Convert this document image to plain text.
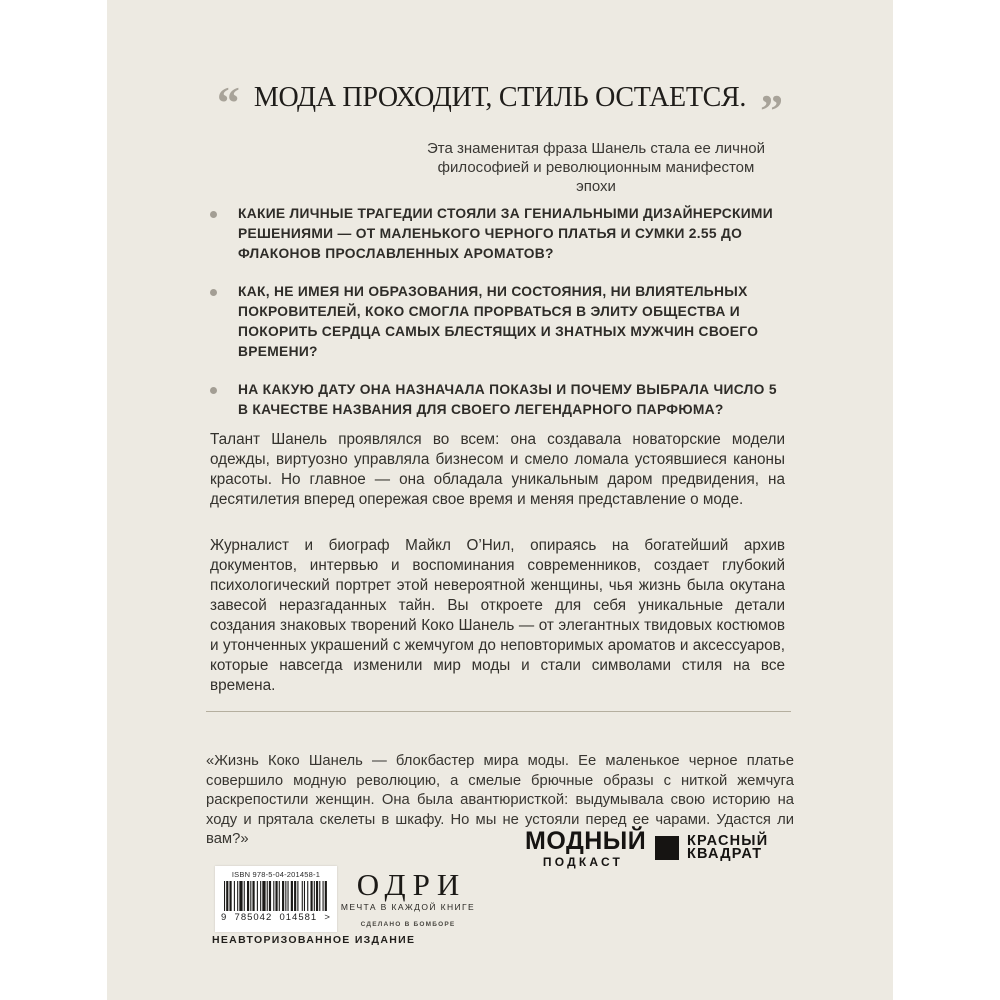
“ МОДА ПРОХОДИТ, СТИЛЬ ОСТАЕТСЯ. ”
Эта знаменитая фраза Шанель стала ее личной
философией и революционным манифестом эпохи
КАКИЕ ЛИЧНЫЕ ТРАГЕДИИ СТОЯЛИ ЗА ГЕНИАЛЬНЫМИ ДИЗАЙНЕРСКИМИ РЕШЕНИЯМИ — ОТ МАЛЕНЬКОГО ЧЕРНОГО ПЛАТЬЯ И СУМКИ 2.55 ДО ФЛАКОНОВ ПРОСЛАВЛЕННЫХ АРОМАТОВ?
КАК, НЕ ИМЕЯ НИ ОБРАЗОВАНИЯ, НИ СОСТОЯНИЯ, НИ ВЛИЯТЕЛЬНЫХ ПОКРОВИТЕЛЕЙ, КОКО СМОГЛА ПРОРВАТЬСЯ В ЭЛИТУ ОБЩЕСТВА И ПОКОРИТЬ СЕРДЦА САМЫХ БЛЕСТЯЩИХ И ЗНАТНЫХ МУЖЧИН СВОЕГО ВРЕМЕНИ?
НА КАКУЮ ДАТУ ОНА НАЗНАЧАЛА ПОКАЗЫ И ПОЧЕМУ ВЫБРАЛА ЧИСЛО 5 В КАЧЕСТВЕ НАЗВАНИЯ ДЛЯ СВОЕГО ЛЕГЕНДАРНОГО ПАРФЮМА?

Талант Шанель проявлялся во всем: она создавала новаторские модели одежды, виртуозно управляла бизнесом и смело ломала устоявшиеся каноны красоты. Но главное — она обладала уникальным даром предвидения, на десятилетия вперед опережая свое время и меняя представление о моде.

Журналист и биограф Майкл О’Нил, опираясь на богатейший архив документов, интервью и воспоминания современников, создает глубокий психологический портрет этой невероятной женщины, чья жизнь была окутана завесой неразгаданных тайн. Вы откроете для себя уникальные детали создания знаковых творений Коко Шанель — от элегантных твидовых костюмов и утонченных украшений с жемчугом до неповторимых ароматов и аксессуаров, которые навсегда изменили мир моды и стали символами стиля на все времена.

«Жизнь Коко Шанель — блокбастер мира моды. Ее маленькое черное платье совершило модную революцию, а смелые брючные образы с ниткой жемчуга раскрепостили женщин. Она была авантюристкой: выдумывала свою историю на ходу и прятала скелеты в шкафу. Но мы не устояли перед ее чарами. Удастся ли вам?»	МОДНЫЙ
ПОДКАСТ
КРАСНЫЙ
КВАДРАТ
ISBN 978-5-04-201458-1
9 785042 014581 >
НЕАВТОРИЗОВАННОЕ ИЗДАНИЕ
ОДРИ
МЕЧТА В КАЖДОЙ КНИГЕ
СДЕЛАНО В БОМБОРЕ
